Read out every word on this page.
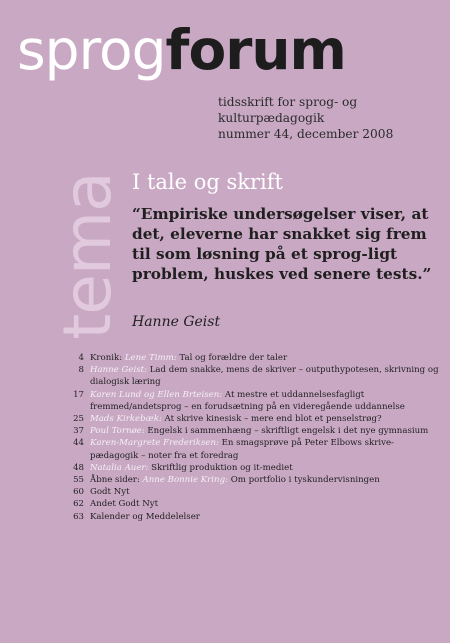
sprogforum
tidsskrift for sprog- og kulturpædagogik
nummer 44, december 2008
tema I tale og skrift
“Empiriske undersøgelser viser, at det, eleverne har snakket sig frem til som løsning på et sprog-ligt problem, huskes ved senere tests.”
Hanne Geist
4 Kronik: Lene Timm: Tal og forældre der taler
8 Hanne Geist: Lad dem snakke, mens de skriver – outputhypotesen, skrivning og dialogisk læring
17 Karen Lund og Ellen Brteisen: At mestre et uddannelsesfagligt fremmed/andetsprog – en forudsætning på en videregående uddannelse
25 Mads Kirkebæk: At skrive kinesisk – mere end blot et penselstrøg?
37 Poul Tornøe: Engelsk i sammenhæng – skriftligt engelsk i det nye gymnasium
44 Karen-Margrete Frederiksen: En smagsprøve på Peter Elbows skrive-pædagogik – noter fra et foredrag
48 Natalia Auer: Skriftlig produktion og it-mediet
55 Åbne sider: Anne Bonnie Kring: Om portfolio i tyskundervisningen
60 Godt Nyt
62 Andet Godt Nyt
63 Kalender og Meddelelser
